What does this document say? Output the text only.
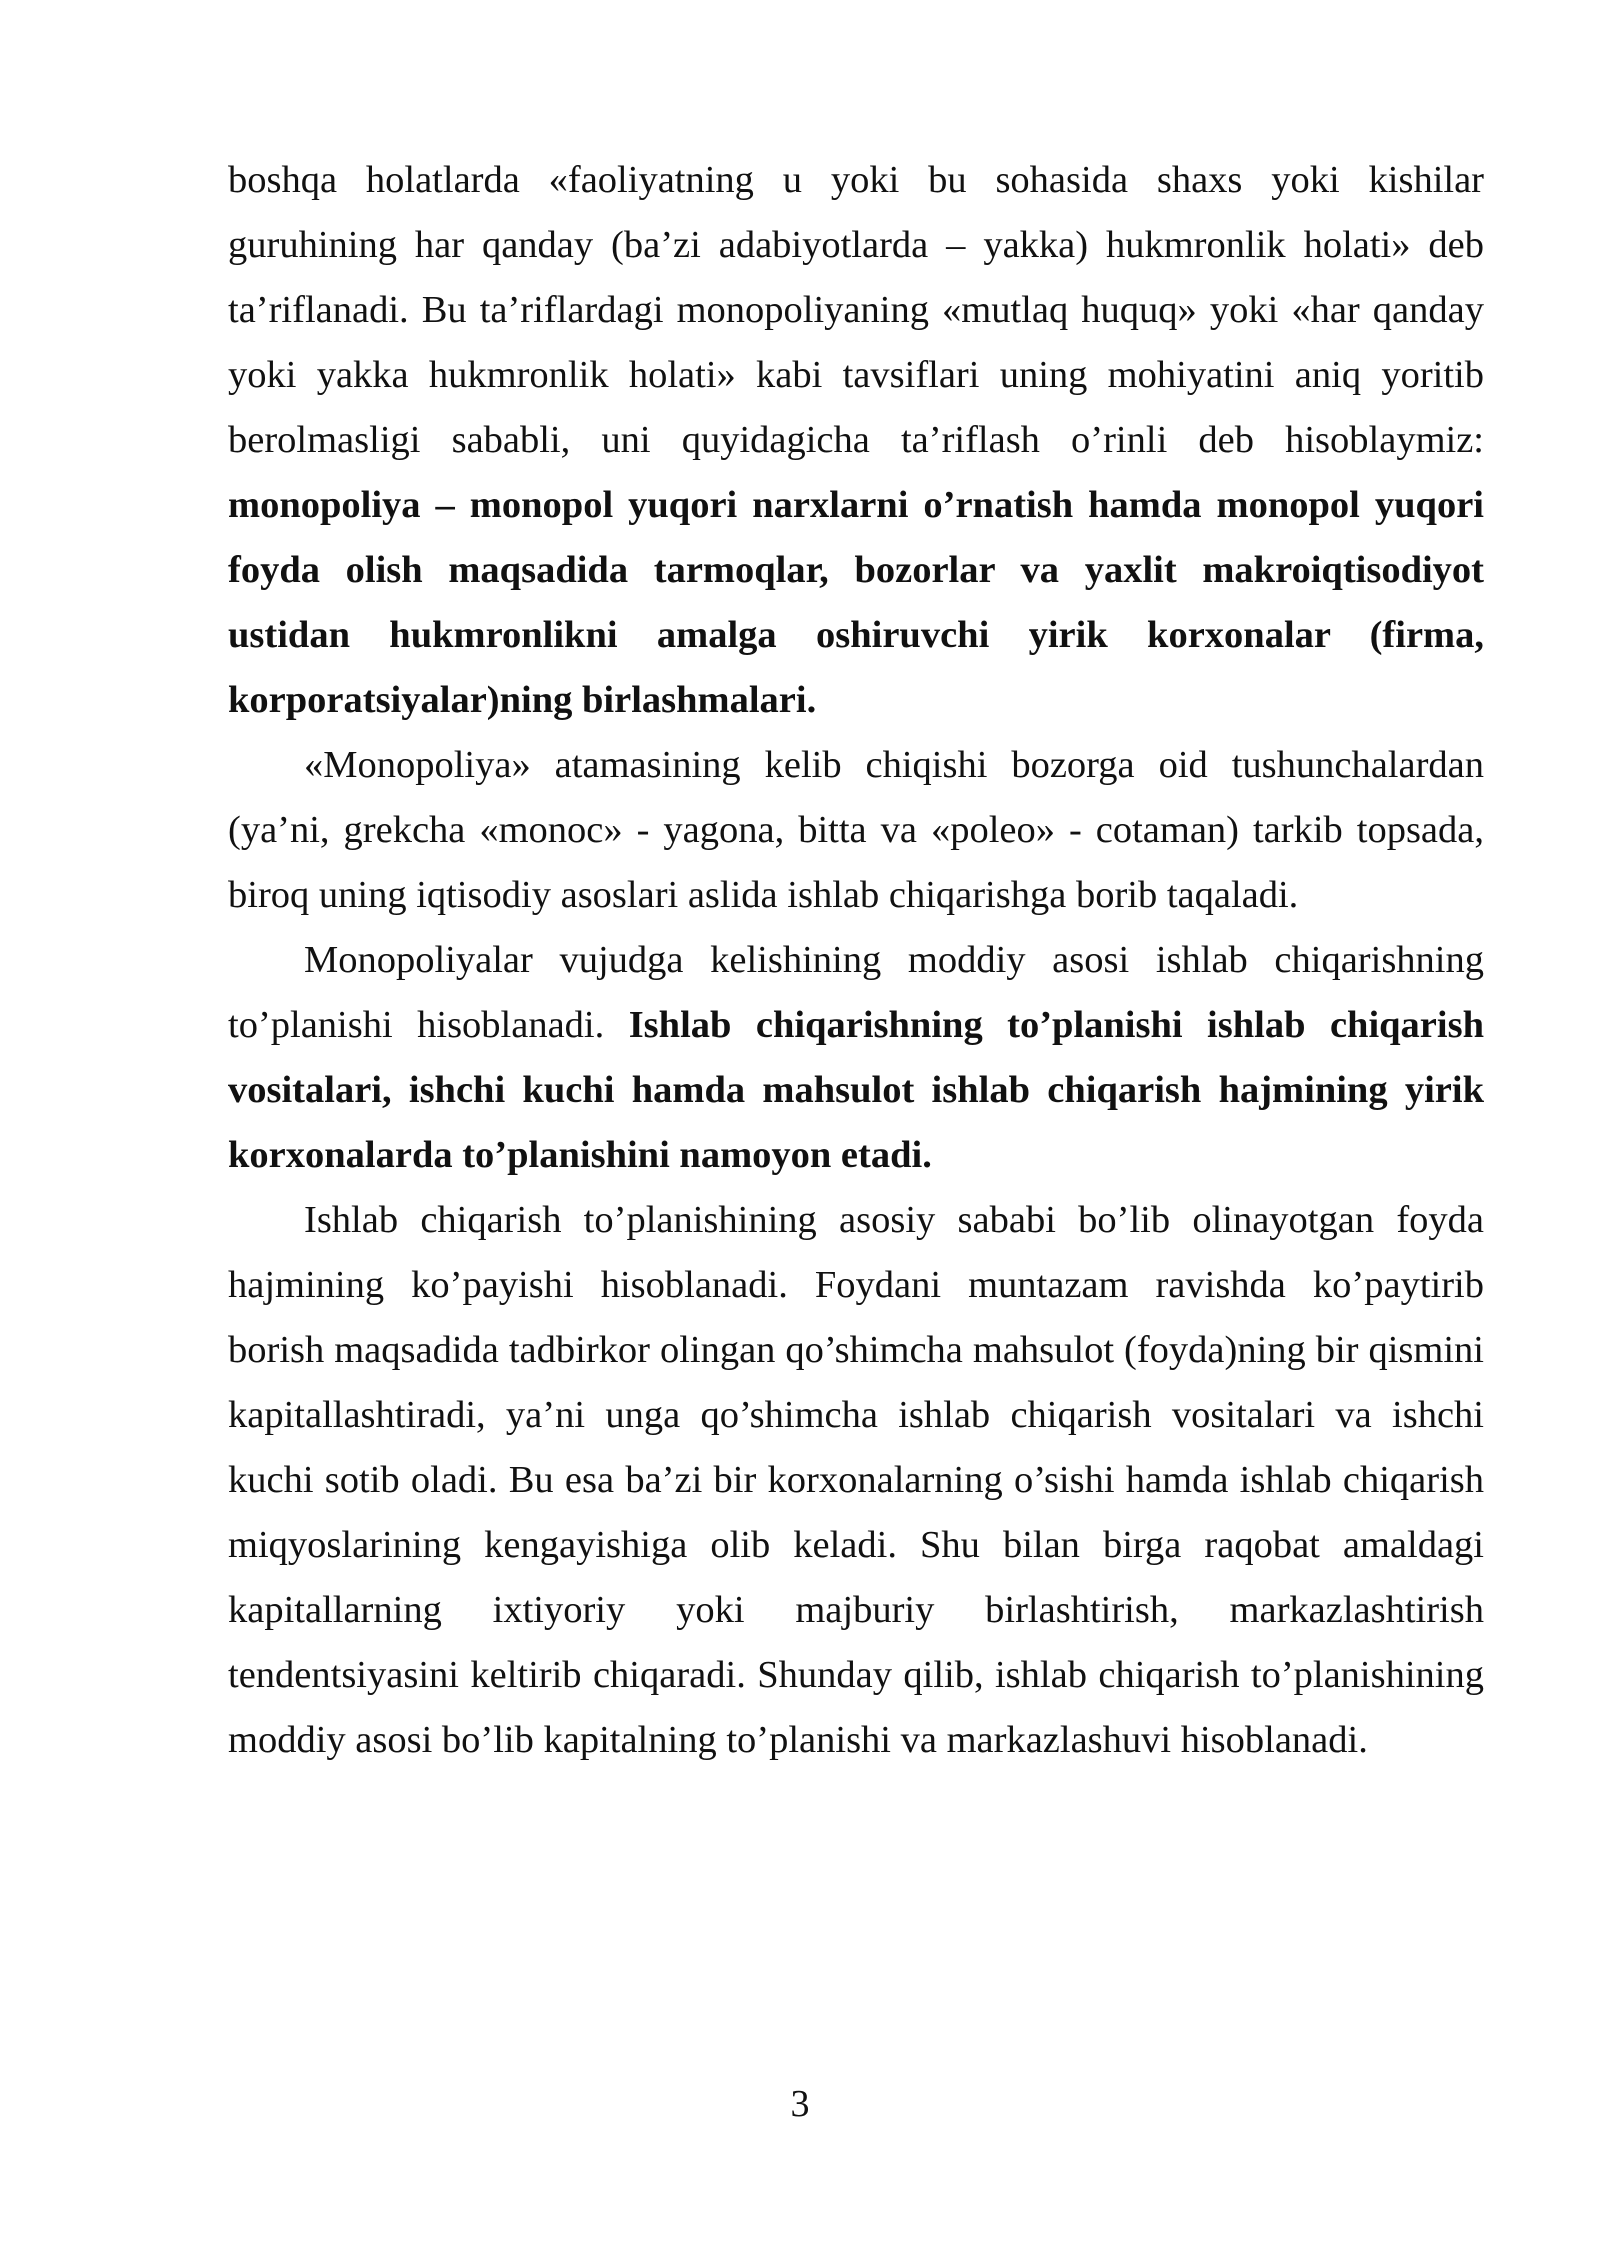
boshqa holatlarda «faoliyatning u yoki bu sohasida shaxs yoki kishilar guruhining har qanday (ba’zi adabiyotlarda – yakka) hukmronlik holati» deb ta’riflanadi. Bu ta’riflardagi monopoliyaning «mutlaq huquq» yoki «har qanday yoki yakka hukmronlik holati» kabi tavsiflari uning mohiyatini aniq yoritib berolmasligi sababli, uni quyidagicha ta’riflash o’rinli deb hisoblaymiz: monopoliya – monopol yuqori narxlarni o’rnatish hamda monopol yuqori foyda olish maqsadida tarmoqlar, bozorlar va yaxlit makroiqtisodiyot ustidan hukmronlikni amalga oshiruvchi yirik korxonalar (firma, korporatsiyalar)ning birlashmalari.

«Monopoliya» atamasining kelib chiqishi bozorga oid tushunchalardan (ya’ni, grekcha «monoc» - yagona, bitta va «poleo» - cotaman) tarkib topsada, biroq uning iqtisodiy asoslari aslida ishlab chiqarishga borib taqaladi.

Monopoliyalar vujudga kelishining moddiy asosi ishlab chiqarishning to’planishi hisoblanadi. Ishlab chiqarishning to’planishi ishlab chiqarish vositalari, ishchi kuchi hamda mahsulot ishlab chiqarish hajmining yirik korxonalarda to’planishini namoyon etadi.

Ishlab chiqarish to’planishining asosiy sababi bo’lib olinayotgan foyda hajmining ko’payishi hisoblanadi. Foydani muntazam ravishda ko’paytirib borish maqsadida tadbirkor olingan qo’shimcha mahsulot (foyda)ning bir qismini kapitallashtiradi, ya’ni unga qo’shimcha ishlab chiqarish vositalari va ishchi kuchi sotib oladi. Bu esa ba’zi bir korxonalarning o’sishi hamda ishlab chiqarish miqyoslarining kengayishiga olib keladi. Shu bilan birga raqobat amaldagi kapitallarning ixtiyoriy yoki majburiy birlashtirish, markazlashtirish tendentsiyasini keltirib chiqaradi. Shunday qilib, ishlab chiqarish to’planishining moddiy asosi bo’lib kapitalning to’planishi va markazlashuvi hisoblanadi.

3
